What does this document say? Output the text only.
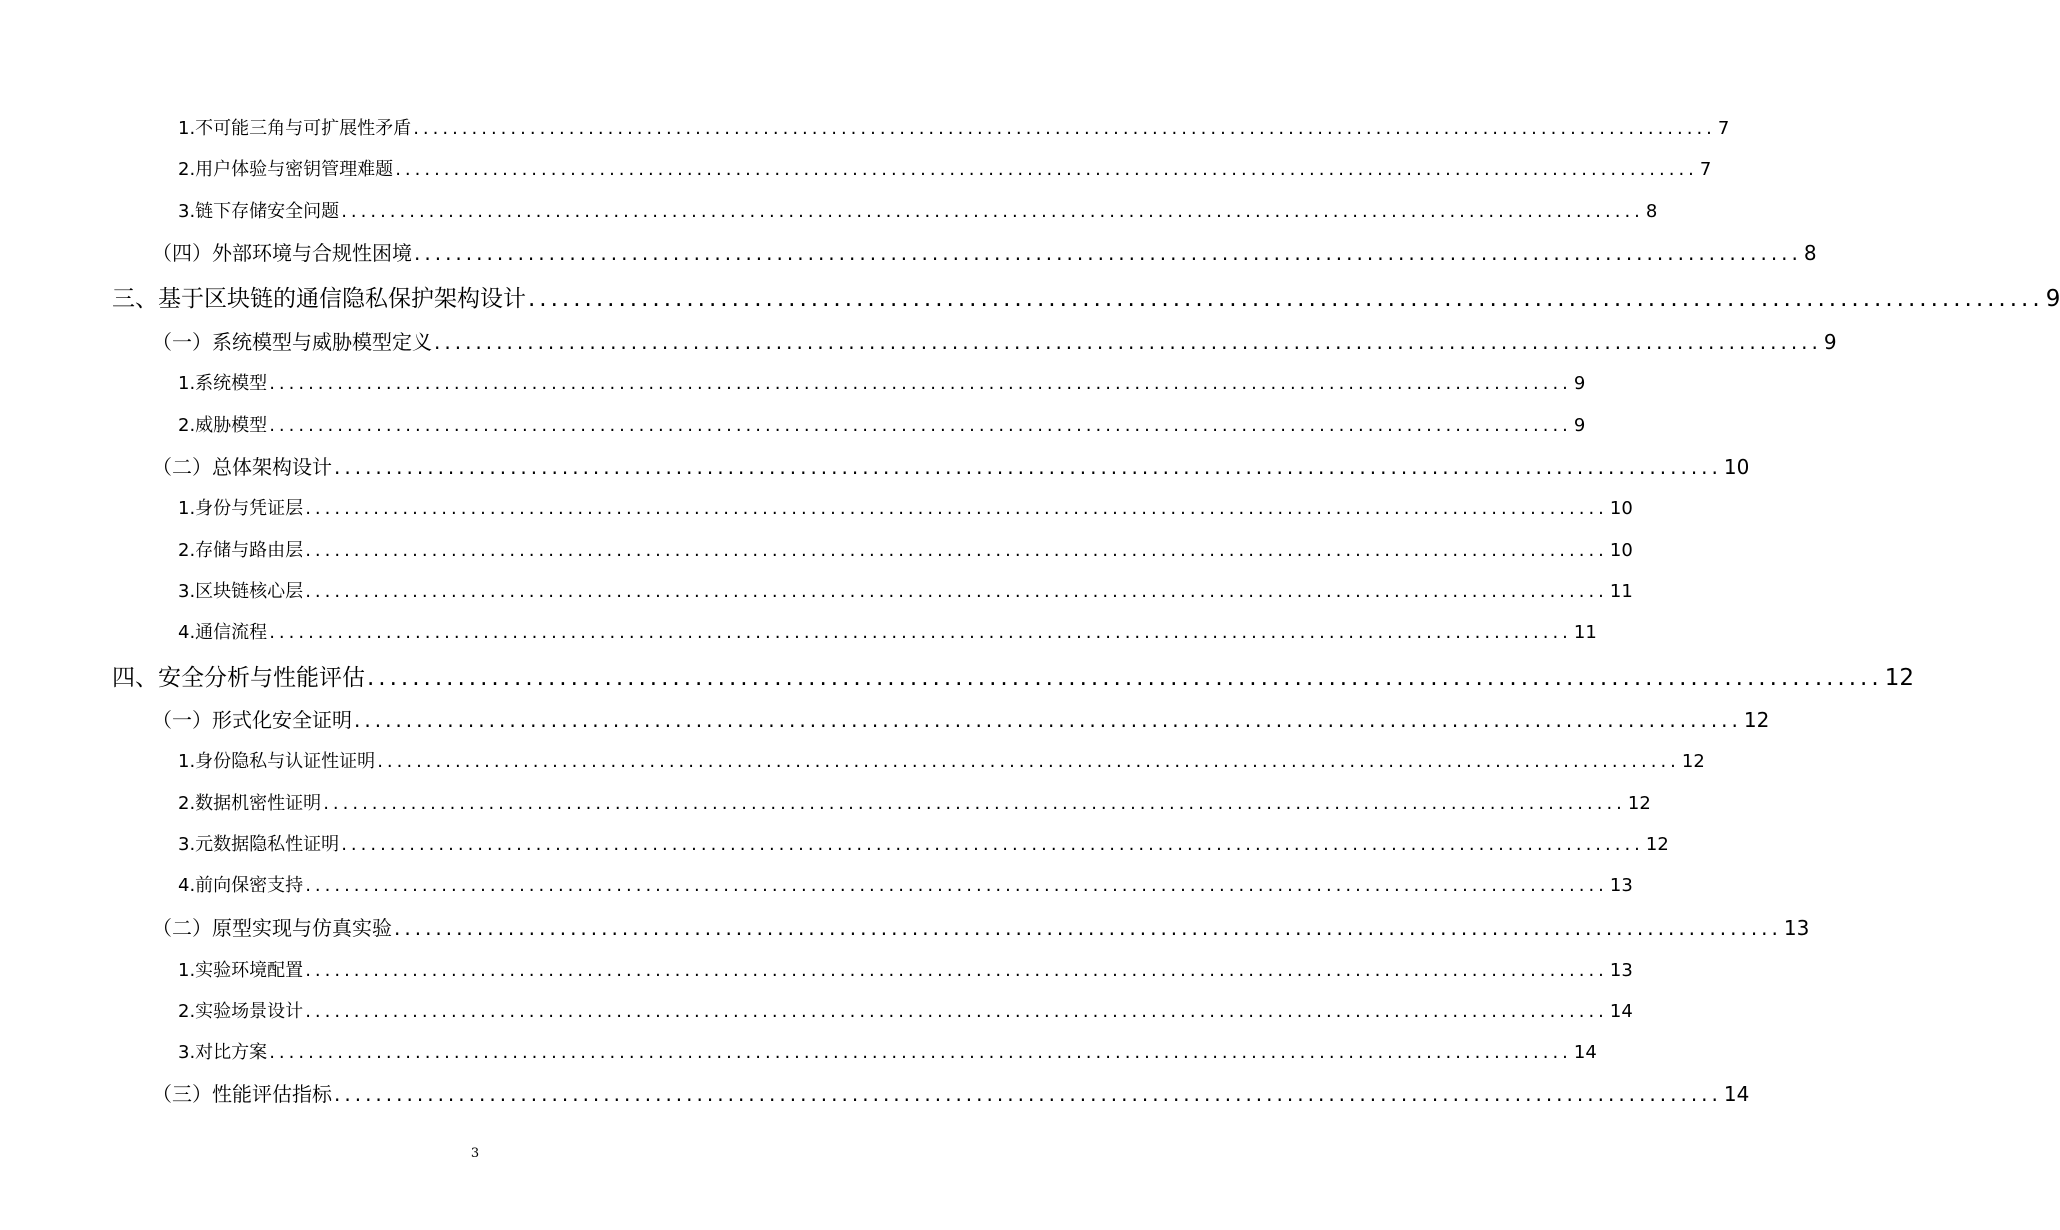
1.不可能三角与可扩展性矛盾 ...................................................................................................................................... 7
2.用户体验与密钥管理难题 ...................................................................................................................................... 7
3.链下存储安全问题 ...................................................................................................................................... 8
（四）外部环境与合规性困境 ...................................................................................................................................... 8
三、基于区块链的通信隐私保护架构设计 ...................................................................................................................................... 9
（一）系统模型与威胁模型定义 ...................................................................................................................................... 9
1.系统模型 ...................................................................................................................................... 9
2.威胁模型 ...................................................................................................................................... 9
（二）总体架构设计 ...................................................................................................................................... 10
1.身份与凭证层 ...................................................................................................................................... 10
2.存储与路由层 ...................................................................................................................................... 10
3.区块链核心层 ...................................................................................................................................... 11
4.通信流程 ...................................................................................................................................... 11
四、安全分析与性能评估 ...................................................................................................................................... 12
（一）形式化安全证明 ...................................................................................................................................... 12
1.身份隐私与认证性证明 ...................................................................................................................................... 12
2.数据机密性证明 ...................................................................................................................................... 12
3.元数据隐私性证明 ...................................................................................................................................... 12
4.前向保密支持 ...................................................................................................................................... 13
（二）原型实现与仿真实验 ...................................................................................................................................... 13
1.实验环境配置 ...................................................................................................................................... 13
2.实验场景设计 ...................................................................................................................................... 14
3.对比方案 ...................................................................................................................................... 14
（三）性能评估指标 ...................................................................................................................................... 14
3
